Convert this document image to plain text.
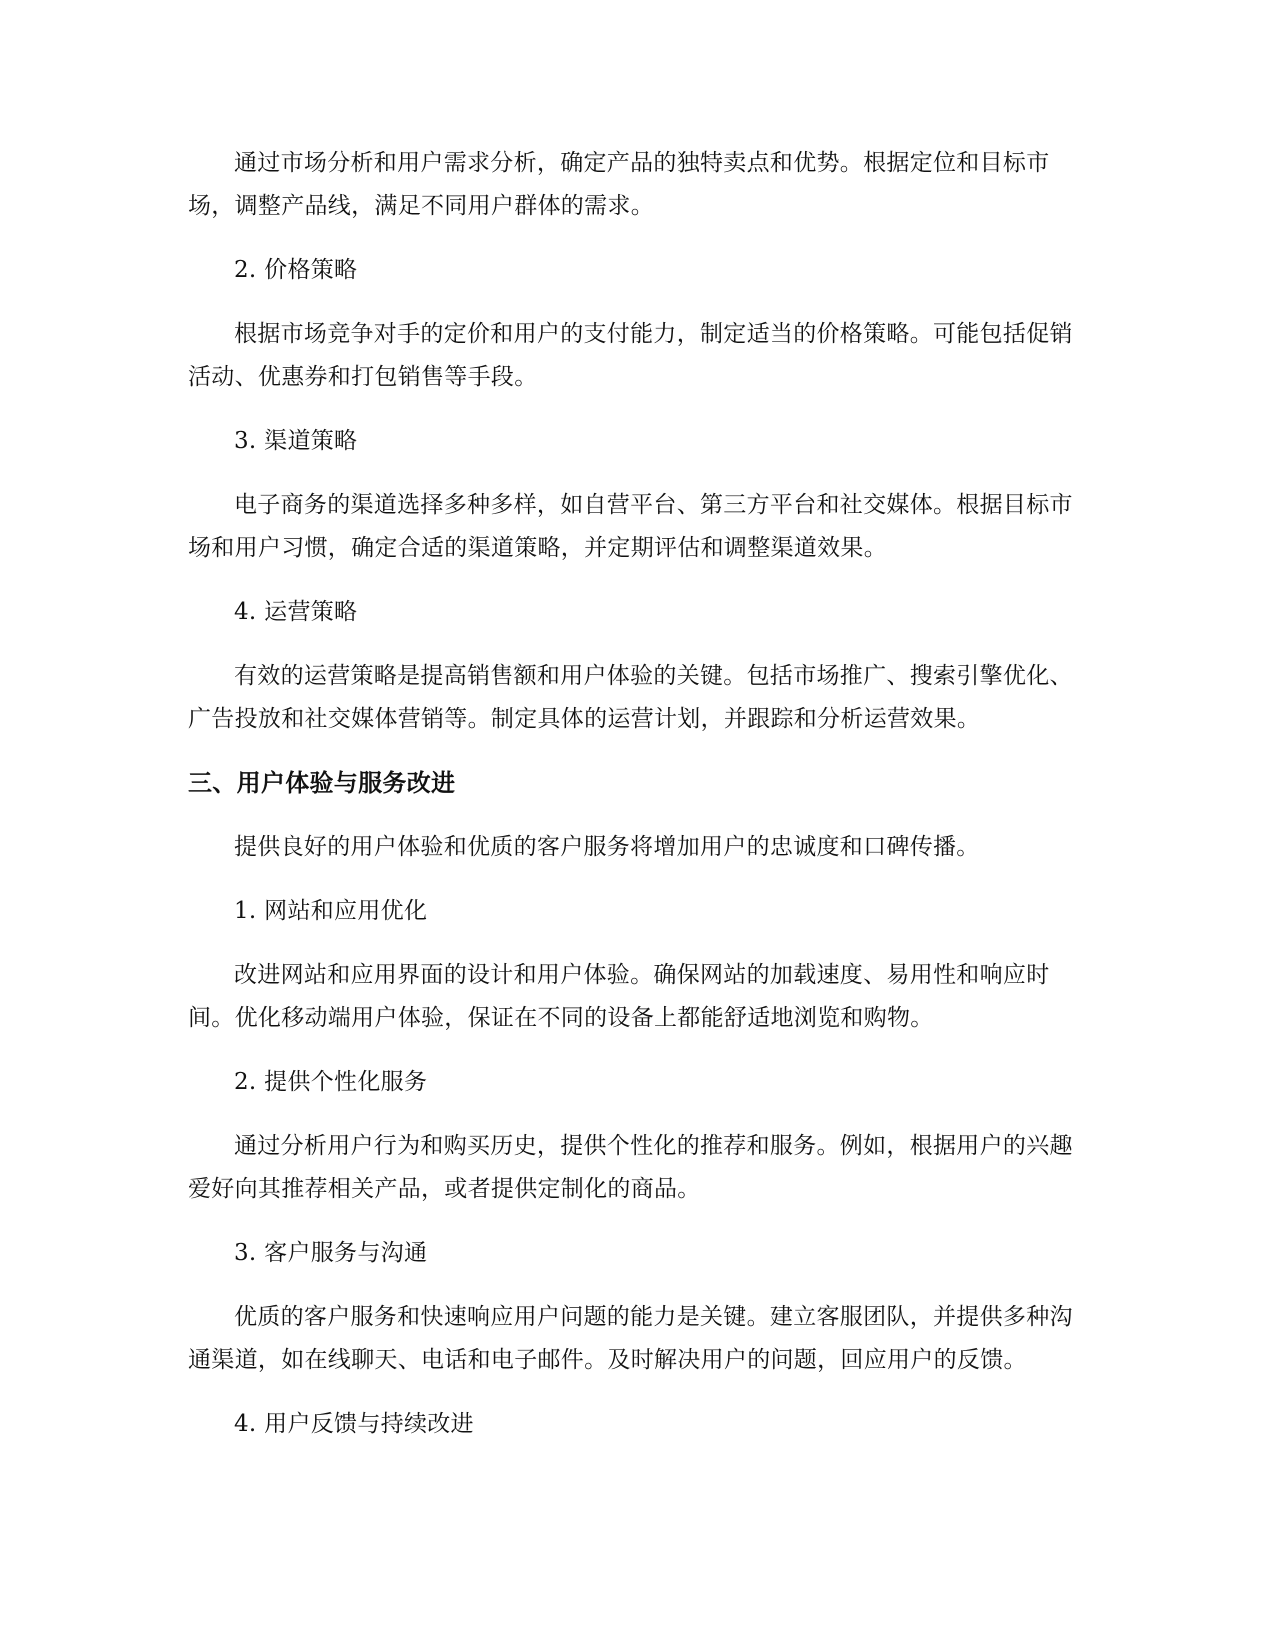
通过市场分析和用户需求分析，确定产品的独特卖点和优势。根据定位和目标市场，调整产品线，满足不同用户群体的需求。

2. 价格策略

根据市场竞争对手的定价和用户的支付能力，制定适当的价格策略。可能包括促销活动、优惠券和打包销售等手段。

3. 渠道策略

电子商务的渠道选择多种多样，如自营平台、第三方平台和社交媒体。根据目标市场和用户习惯，确定合适的渠道策略，并定期评估和调整渠道效果。

4. 运营策略

有效的运营策略是提高销售额和用户体验的关键。包括市场推广、搜索引擎优化、广告投放和社交媒体营销等。制定具体的运营计划，并跟踪和分析运营效果。

三、用户体验与服务改进

提供良好的用户体验和优质的客户服务将增加用户的忠诚度和口碑传播。

1. 网站和应用优化

改进网站和应用界面的设计和用户体验。确保网站的加载速度、易用性和响应时间。优化移动端用户体验，保证在不同的设备上都能舒适地浏览和购物。

2. 提供个性化服务

通过分析用户行为和购买历史，提供个性化的推荐和服务。例如，根据用户的兴趣爱好向其推荐相关产品，或者提供定制化的商品。

3. 客户服务与沟通

优质的客户服务和快速响应用户问题的能力是关键。建立客服团队，并提供多种沟通渠道，如在线聊天、电话和电子邮件。及时解决用户的问题，回应用户的反馈。

4. 用户反馈与持续改进
